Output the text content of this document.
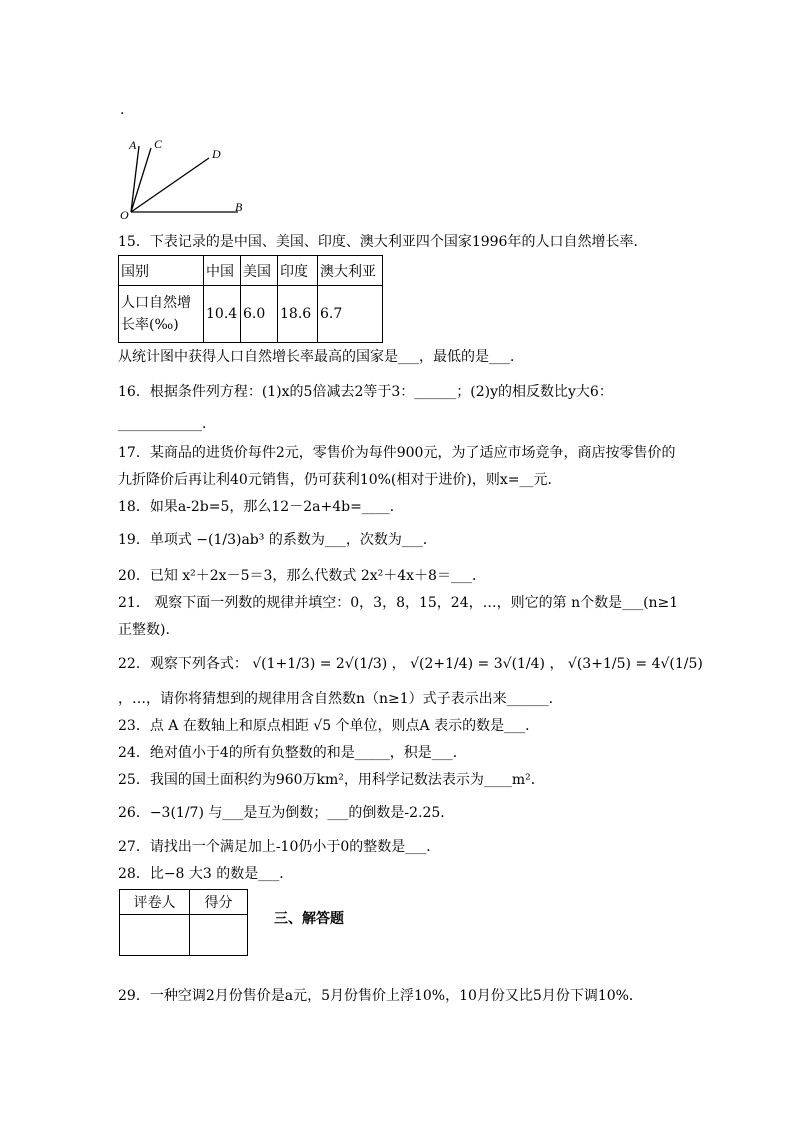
.
A C
D
O
B
15．下表记录的是中国、美国、印度、澳大利亚四个国家1996年的人口自然增长率．
国别	中国	美国	印度	澳大利亚

人口自然增
长率(‰)	10.4	6.0	18.6	6.7
从统计图中获得人口自然增长率最高的国家是___，最低的是___．
16．根据条件列方程：(1)x的5倍减去2等于3：______；(2)y的相反数比y大6：
____________．
17．某商品的进货价每件2元，零售价为每件900元，为了适应市场竞争，商店按零售价的
九折降价后再让利40元销售，仍可获利10%(相对于进价)，则x=__元．
18．如果a-2b=5，那么12－2a+4b=____．
19．单项式 −(1/3)ab³ 的系数为___，次数为___．
20．已知 x²＋2x－5＝3，那么代数式 2x²＋4x＋8＝___．
21． 观察下面一列数的规律并填空：0，3，8，15，24，…，则它的第 n个数是___(n≥1
正整数).
22．观察下列各式： √(1+1/3) = 2√(1/3) ， √(2+1/4) = 3√(1/4) ， √(3+1/5) = 4√(1/5)
，…，请你将猜想到的规律用含自然数n（n≥1）式子表示出来______.
23．点 A 在数轴上和原点相距 √5 个单位，则点A 表示的数是___．
24．绝对值小于4的所有负整数的和是_____，积是___．
25．我国的国土面积约为960万km²，用科学记数法表示为____m²．
26．−3(1/7) 与___是互为倒数；___的倒数是-2.25.
27．请找出一个满足加上-10仍小于0的整数是___．
28．比−8 大3 的数是___．
评卷人	得分

三、解答题
29．一种空调2月份售价是a元，5月份售价上浮10%，10月份又比5月份下调10%．
